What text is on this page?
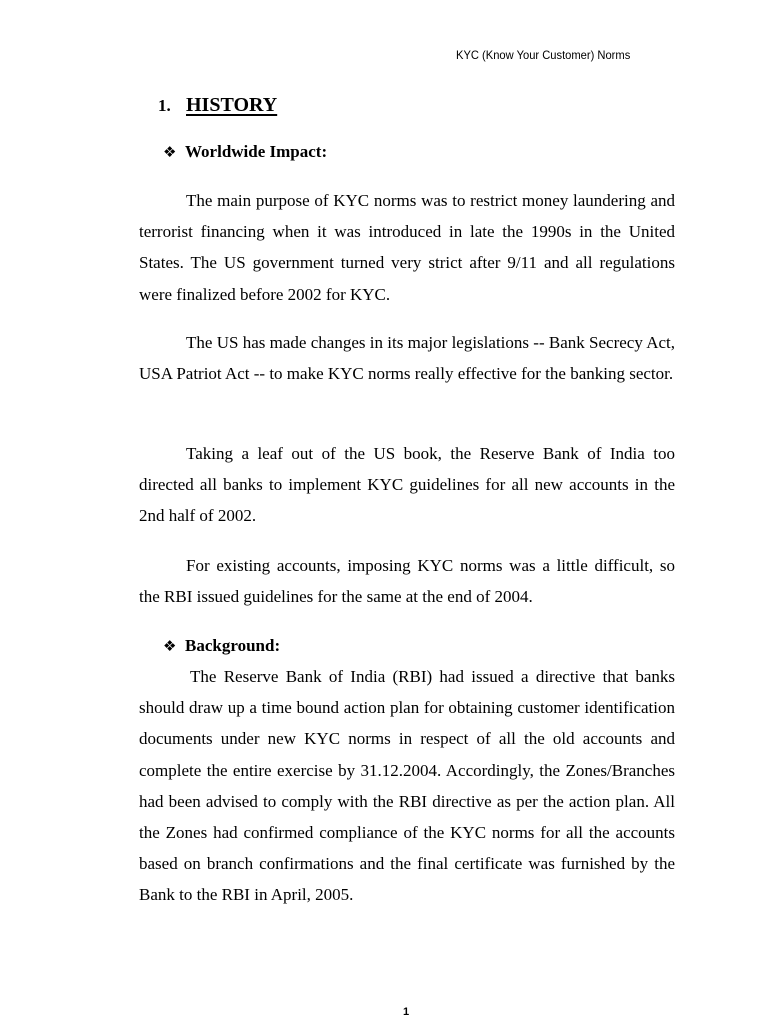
KYC (Know Your Customer) Norms
1. HISTORY
❖ Worldwide Impact:

The main purpose of KYC norms was to restrict money laundering and terrorist financing when it was introduced in late the 1990s in the United States. The US government turned very strict after 9/11 and all regulations were finalized before 2002 for KYC.

The US has made changes in its major legislations -- Bank Secrecy Act, USA Patriot Act -- to make KYC norms really effective for the banking sector.

Taking a leaf out of the US book, the Reserve Bank of India too directed all banks to implement KYC guidelines for all new accounts in the 2nd half of 2002.

For existing accounts, imposing KYC norms was a little difficult, so the RBI issued guidelines for the same at the end of 2004.

❖ Background:

The Reserve Bank of India (RBI) had issued a directive that banks should draw up a time bound action plan for obtaining customer identification documents under new KYC norms in respect of all the old accounts and complete the entire exercise by 31.12.2004. Accordingly, the Zones/Branches had been advised to comply with the RBI directive as per the action plan. All the Zones had confirmed compliance of the KYC norms for all the accounts based on branch confirmations and the final certificate was furnished by the Bank to the RBI in April, 2005.

1
